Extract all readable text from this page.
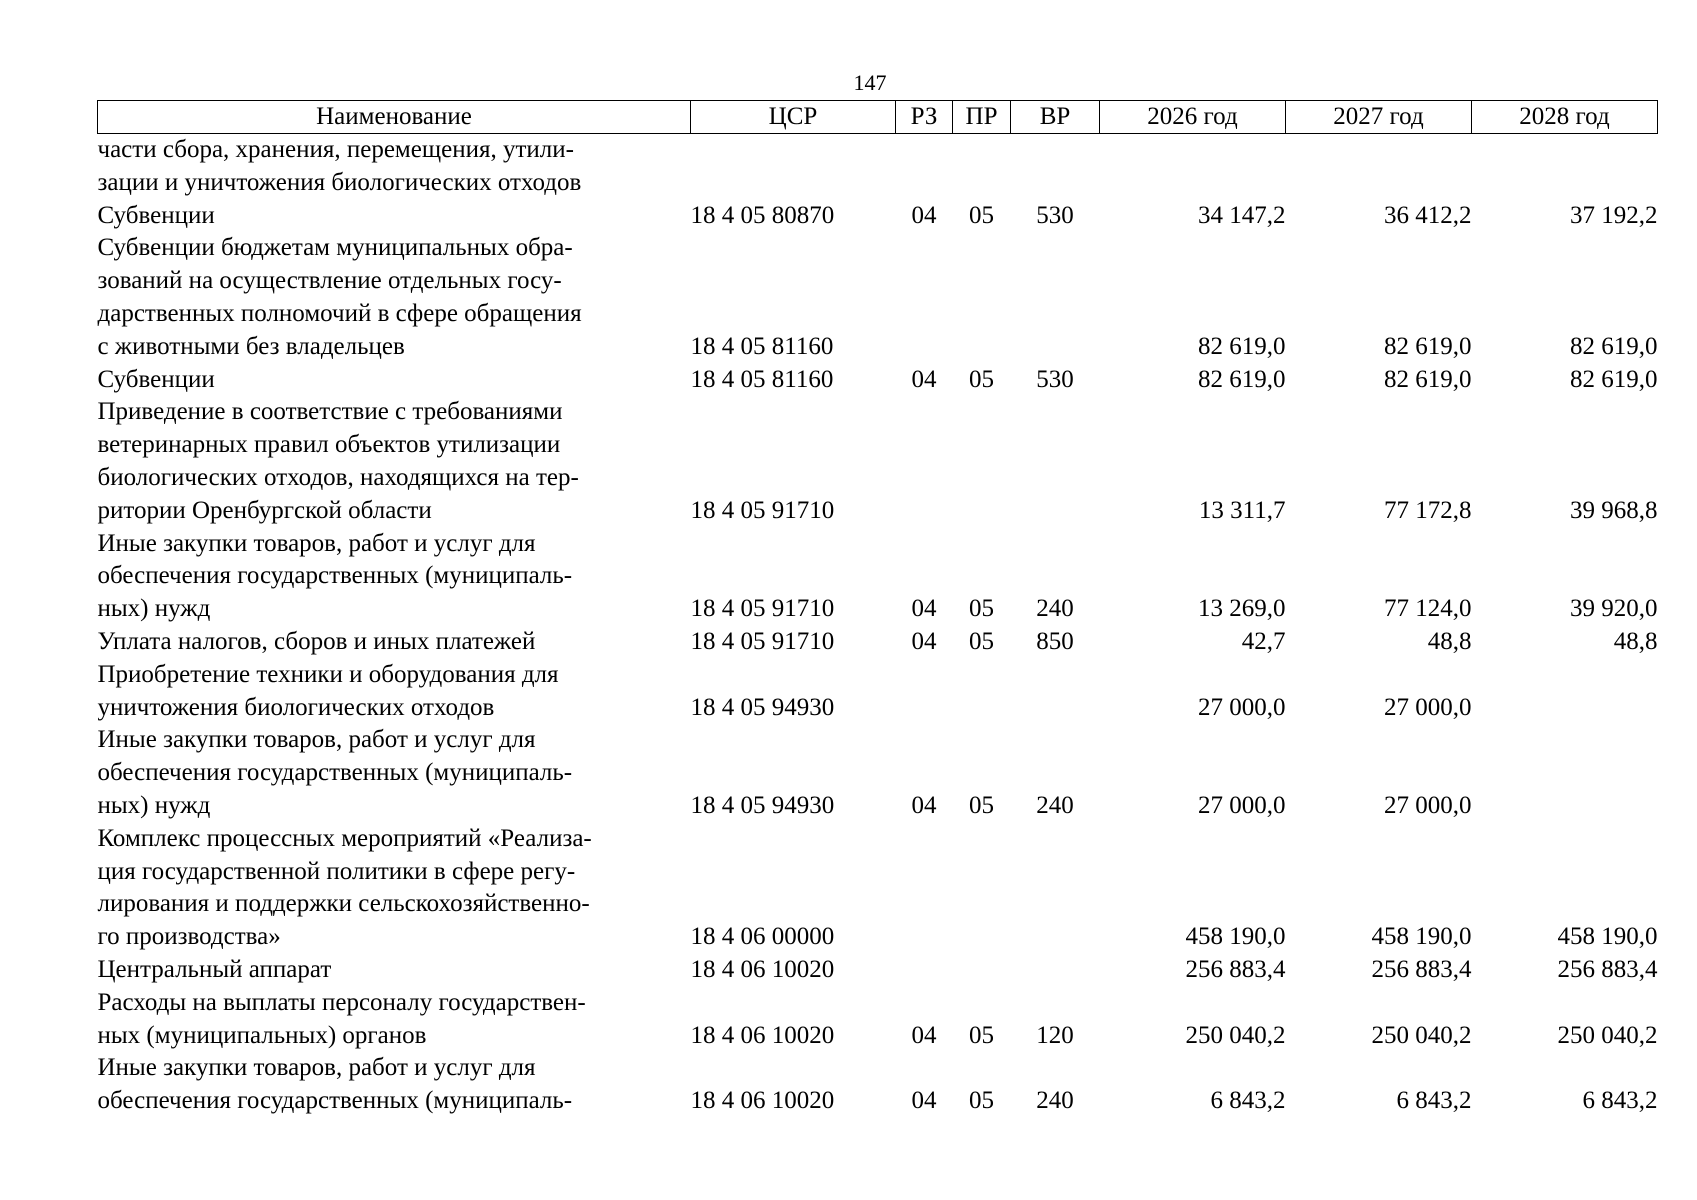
147
Наименование	ЦСР	РЗ	ПР	ВР	2026 год	2027 год	2028 год

части сбора, хранения, перемещения, утили-
зации и уничтожения биологических отходов							

Субвенции	18 4 05 80870	04	05	530	34 147,2	36 412,2	37 192,2

Субвенции бюджетам муниципальных обра-
зований на осуществление отдельных госу-
дарственных полномочий в сфере обращения
с животными без владельцев	18 4 05 81160				82 619,0	82 619,0	82 619,0

Субвенции	18 4 05 81160	04	05	530	82 619,0	82 619,0	82 619,0

Приведение в соответствие с требованиями
ветеринарных правил объектов утилизации
биологических отходов, находящихся на тер-
ритории Оренбургской области	18 4 05 91710				13 311,7	77 172,8	39 968,8

Иные закупки товаров, работ и услуг для
обеспечения государственных (муниципаль-
ных) нужд	18 4 05 91710	04	05	240	13 269,0	77 124,0	39 920,0

Уплата налогов, сборов и иных платежей	18 4 05 91710	04	05	850	42,7	48,8	48,8

Приобретение техники и оборудования для
уничтожения биологических отходов	18 4 05 94930				27 000,0	27 000,0	

Иные закупки товаров, работ и услуг для
обеспечения государственных (муниципаль-
ных) нужд	18 4 05 94930	04	05	240	27 000,0	27 000,0	

Комплекс процессных мероприятий «Реализа-
ция государственной политики в сфере регу-
лирования и поддержки сельскохозяйственно-
го производства»	18 4 06 00000				458 190,0	458 190,0	458 190,0

Центральный аппарат	18 4 06 10020				256 883,4	256 883,4	256 883,4

Расходы на выплаты персоналу государствен-
ных (муниципальных) органов	18 4 06 10020	04	05	120	250 040,2	250 040,2	250 040,2

Иные закупки товаров, работ и услуг для
обеспечения государственных (муниципаль-	18 4 06 10020	04	05	240	6 843,2	6 843,2	6 843,2
